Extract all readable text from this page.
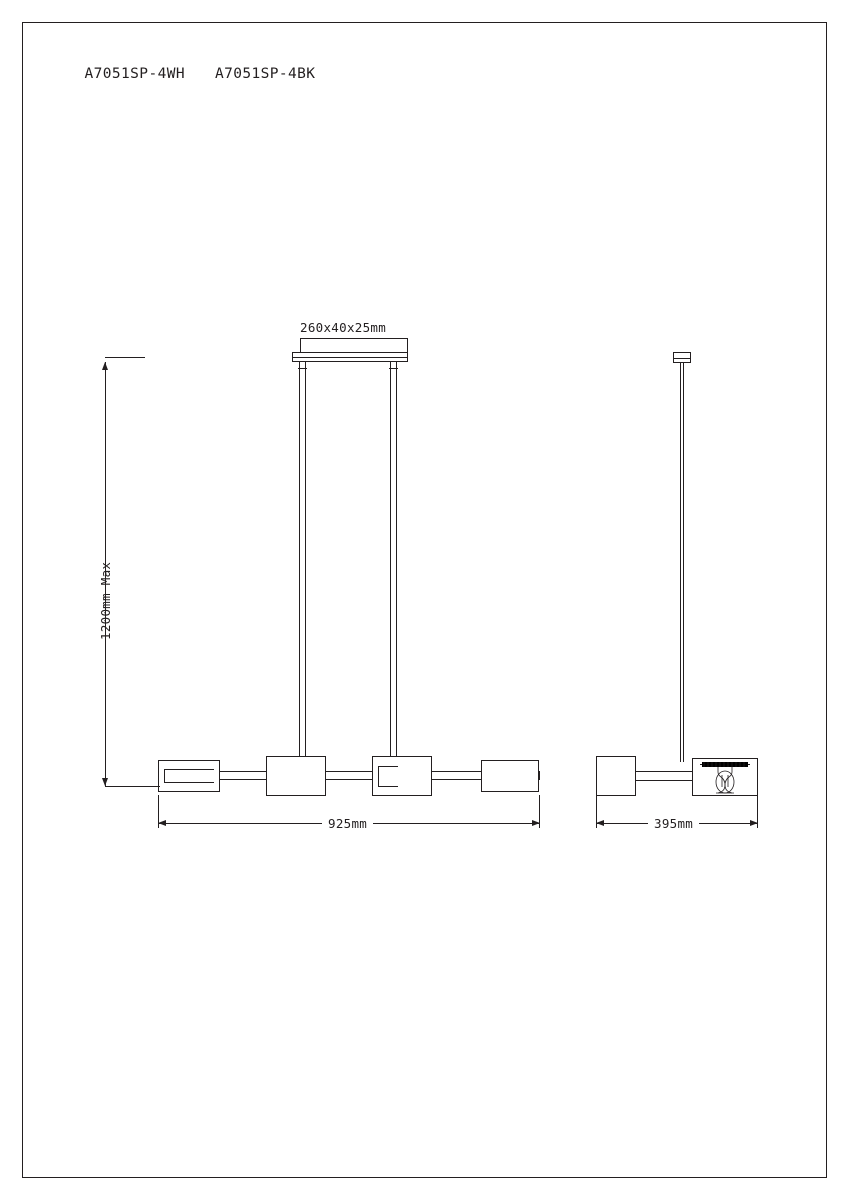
A7051SP-4WH A7051SP-4BK

260x40x25mm
1200mm Max
925mm	395mm
